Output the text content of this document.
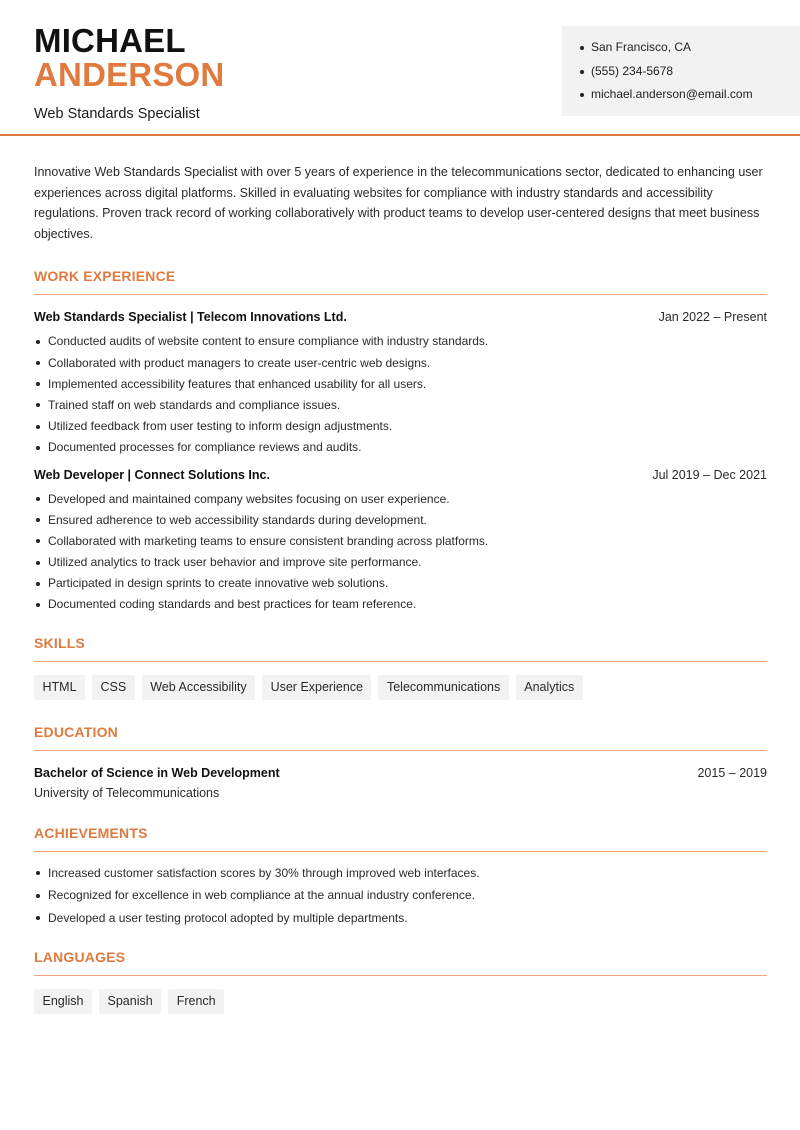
MICHAEL
ANDERSON
Web Standards Specialist
San Francisco, CA
(555) 234-5678
michael.anderson@email.com

Innovative Web Standards Specialist with over 5 years of experience in the telecommunications sector, dedicated to enhancing user experiences across digital platforms. Skilled in evaluating websites for compliance with industry standards and accessibility regulations. Proven track record of working collaboratively with product teams to develop user-centered designs that meet business objectives.

WORK EXPERIENCE
Web Standards Specialist | Telecom Innovations Ltd.	Jan 2022 – Present
Conducted audits of website content to ensure compliance with industry standards.
Collaborated with product managers to create user-centric web designs.
Implemented accessibility features that enhanced usability for all users.
Trained staff on web standards and compliance issues.
Utilized feedback from user testing to inform design adjustments.
Documented processes for compliance reviews and audits.
Web Developer | Connect Solutions Inc.	Jul 2019 – Dec 2021
Developed and maintained company websites focusing on user experience.
Ensured adherence to web accessibility standards during development.
Collaborated with marketing teams to ensure consistent branding across platforms.
Utilized analytics to track user behavior and improve site performance.
Participated in design sprints to create innovative web solutions.
Documented coding standards and best practices for team reference.
SKILLS
HTML	CSS	Web Accessibility	User Experience	Telecommunications	Analytics
EDUCATION
Bachelor of Science in Web Development	2015 – 2019
University of Telecommunications
ACHIEVEMENTS
Increased customer satisfaction scores by 30% through improved web interfaces.
Recognized for excellence in web compliance at the annual industry conference.
Developed a user testing protocol adopted by multiple departments.
LANGUAGES
English	Spanish	French
